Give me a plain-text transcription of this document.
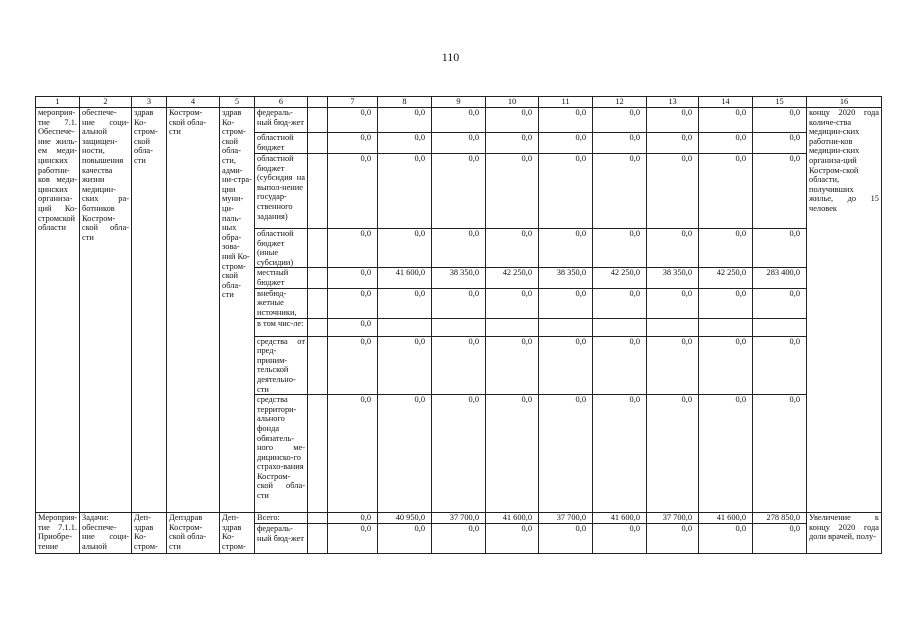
110
1	2	3	4	5	6		7	8	9	10	11	12	13	14	15	16
мероприя-тие 7.1. Обеспече-ние жиль-ем меди-цинских работни-ков меди-цинских организа-ций Ко-стромской области	обеспече-ние соци-альной защищен-ности, повышения качества жизни медицин-ских ра-ботников Костром-ской обла-сти	здрав Ко-стром-ской обла-сти	Костром-ской обла-сти	здрав Ко-стром-ской обла-сти, адми-ни-стра-ции муни-ци-паль-ных обра-зова-ний Ко-стром-ской обла-сти	федераль-ный бюд-жет		0,0	0,0	0,0	0,0	0,0	0,0	0,0	0,0	0,0	концу 2020 года количе-ства медицин-ских работни-ков медицин-ских организа-ций Костром-ской области, получивших жилье, до 15 человек
					областной бюджет		0,0	0,0	0,0	0,0	0,0	0,0	0,0	0,0	0,0	
					областной бюджет (субсидия на выпол-нение государ-ственного задания)		0,0	0,0	0,0	0,0	0,0	0,0	0,0	0,0	0,0	
					областной бюджет (иные субсидии)		0,0	0,0	0,0	0,0	0,0	0,0	0,0	0,0	0,0	
					местный бюджет		0,0	41 600,0	38 350,0	42 250,0	38 350,0	42 250,0	38 350,0	42 250,0	283 400,0	
					внебюд-жетные источники,		0,0	0,0	0,0	0,0	0,0	0,0	0,0	0,0	0,0	
					в том чис-ле:		0,0									
					средства от пред-приним-тельской деятельно-сти		0,0	0,0	0,0	0,0	0,0	0,0	0,0	0,0	0,0	
					средства территори-ального фонда обязатель-ного ме-дицинско-го страхо-вания Костром-ской обла-сти		0,0	0,0	0,0	0,0	0,0	0,0	0,0	0,0	0,0	
Мероприя-тие 7.1.1. Приобре-тение	Задачи: обеспече-ние соци-альной	Деп-здрав Ко-стром-	Депздрав Костром-ской обла-сти	Деп-здрав Ко-стром-	Всего:		0,0	40 950,0	37 700,0	41 600,0	37 700,0	41 600,0	37 700,0	41 600,0	278 850,0	Увеличение к концу 2020 года доли врачей, полу-
					федераль-ный бюд-жет		0,0	0,0	0,0	0,0	0,0	0,0	0,0	0,0	0,0	
